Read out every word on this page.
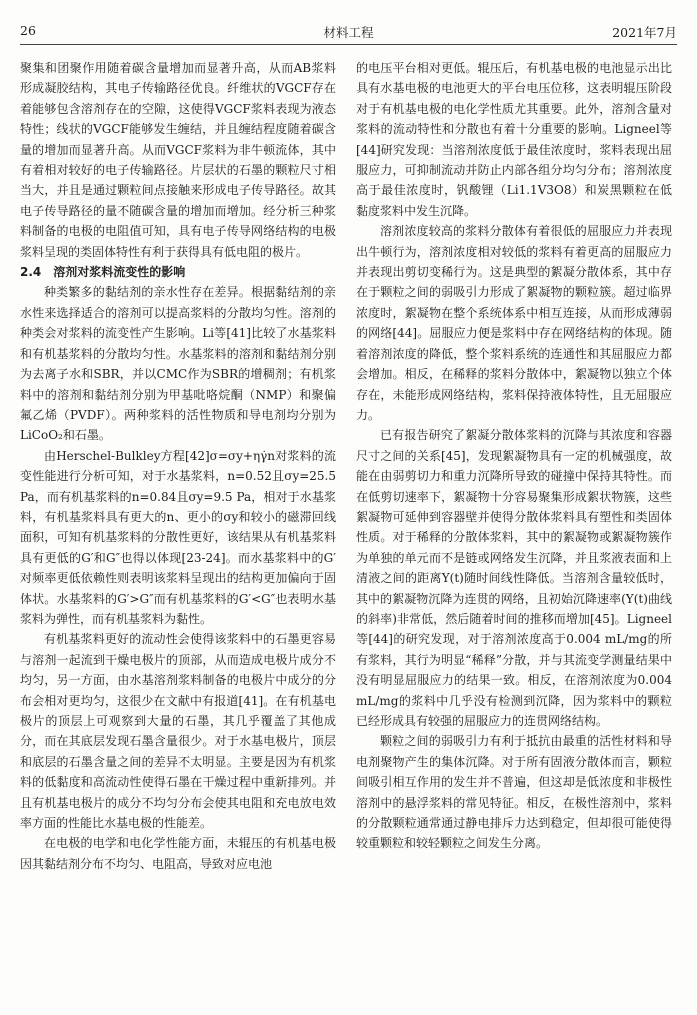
26	材料工程	2021年7月

聚集和团聚作用随着碳含量增加而显著升高，从而AB浆料形成凝胶结构，其电子传输路径优良。纤维状的VGCF存在着能够包含溶剂存在的空隙，这使得VGCF浆料表现为液态特性；线状的VGCF能够发生缠结，并且缠结程度随着碳含量的增加而显著升高。从而VGCF浆料为非牛顿流体，其中有着相对较好的电子传输路径。片层状的石墨的颗粒尺寸相当大，并且是通过颗粒间点接触来形成电子传导路径。故其电子传导路径的量不随碳含量的增加而增加。经分析三种浆料制备的电极的电阻值可知，具有电子传导网络结构的电极浆料呈现的类固体特性有利于获得具有低电阻的极片。

2.4　溶剂对浆料流变性的影响

种类繁多的黏结剂的亲水性存在差异。根据黏结剂的亲水性来选择适合的溶剂可以提高浆料的分散均匀性。溶剂的种类会对浆料的流变性产生影响。Li等[41]比较了水基浆料和有机基浆料的分散均匀性。水基浆料的溶剂和黏结剂分别为去离子水和SBR，并以CMC作为SBR的增稠剂；有机浆料中的溶剂和黏结剂分别为甲基吡咯烷酮（NMP）和聚偏氟乙烯（PVDF）。两种浆料的活性物质和导电剂均分别为LiCoO₂和石墨。

由Herschel-Bulkley方程[42]σ=σy+ηγ̇n对浆料的流变性能进行分析可知，对于水基浆料，n=0.52且σy=25.5 Pa，而有机基浆料的n=0.84且σy=9.5 Pa，相对于水基浆料，有机基浆料具有更大的n、更小的σy和较小的磁滞回线面积，可知有机基浆料的分散性更好，该结果从有机基浆料具有更低的G′和G″也得以体现[23-24]。而水基浆料中的G′对频率更低依赖性则表明该浆料呈现出的结构更加偏向于固体状。水基浆料的G′>G″而有机基浆料的G′<G″也表明水基浆料为弹性，而有机基浆料为黏性。

有机基浆料更好的流动性会使得该浆料中的石墨更容易与溶剂一起流到干燥电极片的顶部，从而造成电极片成分不均匀，另一方面，由水基溶剂浆料制备的电极片中成分的分布会相对更均匀，这很少在文献中有报道[41]。在有机基电极片的顶层上可观察到大量的石墨，其几乎覆盖了其他成分，而在其底层发现石墨含量很少。对于水基电极片，顶层和底层的石墨含量之间的差异不太明显。主要是因为有机浆料的低黏度和高流动性使得石墨在干燥过程中重新排列。并且有机基电极片的成分不均匀分布会使其电阻和充电放电效率方面的性能比水基电极的性能差。

在电极的电学和电化学性能方面，未辊压的有机基电极因其黏结剂分布不均匀、电阻高，导致对应电池

的电压平台相对更低。辊压后，有机基电极的电池显示出比具有水基电极的电池更大的平台电压位移，这表明辊压阶段对于有机基电极的电化学性质尤其重要。此外，溶剂含量对浆料的流动特性和分散也有着十分重要的影响。Ligneel等[44]研究发现：当溶剂浓度低于最佳浓度时，浆料表现出屈服应力，可抑制流动并防止内部各组分均匀分布；溶剂浓度高于最佳浓度时，钒酸锂（Li1.1V3O8）和炭黑颗粒在低黏度浆料中发生沉降。

溶剂浓度较高的浆料分散体有着很低的屈服应力并表现出牛顿行为，溶剂浓度相对较低的浆料有着更高的屈服应力并表现出剪切变稀行为。这是典型的絮凝分散体系，其中存在于颗粒之间的弱吸引力形成了絮凝物的颗粒簇。超过临界浓度时，絮凝物在整个系统体系中相互连接，从而形成薄弱的网络[44]。屈服应力便是浆料中存在网络结构的体现。随着溶剂浓度的降低，整个浆料系统的连通性和其屈服应力都会增加。相反，在稀释的浆料分散体中，絮凝物以独立个体存在，未能形成网络结构，浆料保持液体特性，且无屈服应力。

已有报告研究了絮凝分散体浆料的沉降与其浓度和容器尺寸之间的关系[45]，发现絮凝物具有一定的机械强度，故能在由弱剪切力和重力沉降所导致的碰撞中保持其特性。而在低剪切速率下，絮凝物十分容易聚集形成絮状物簇，这些絮凝物可延伸到容器壁并使得分散体浆料具有塑性和类固体性质。对于稀释的分散体浆料，其中的絮凝物或絮凝物簇作为单独的单元而不是链或网络发生沉降，并且浆液表面和上清液之间的距离Y(t)随时间线性降低。当溶剂含量较低时，其中的絮凝物沉降为连贯的网络，且初始沉降速率(Y(t)曲线的斜率)非常低，然后随着时间的推移而增加[45]。Ligneel等[44]的研究发现，对于溶剂浓度高于0.004 mL/mg的所有浆料，其行为明显“稀释”分散，并与其流变学测量结果中没有明显屈服应力的结果一致。相反，在溶剂浓度为0.004 mL/mg的浆料中几乎没有检测到沉降，因为浆料中的颗粒已经形成具有较强的屈服应力的连贯网络结构。

颗粒之间的弱吸引力有利于抵抗由最重的活性材料和导电剂聚物产生的集体沉降。对于所有固液分散体而言，颗粒间吸引相互作用的发生并不普遍，但这却是低浓度和非极性溶剂中的悬浮浆料的常见特征。相反，在极性溶剂中，浆料的分散颗粒通常通过静电排斥力达到稳定，但却很可能使得较重颗粒和较轻颗粒之间发生分离。
